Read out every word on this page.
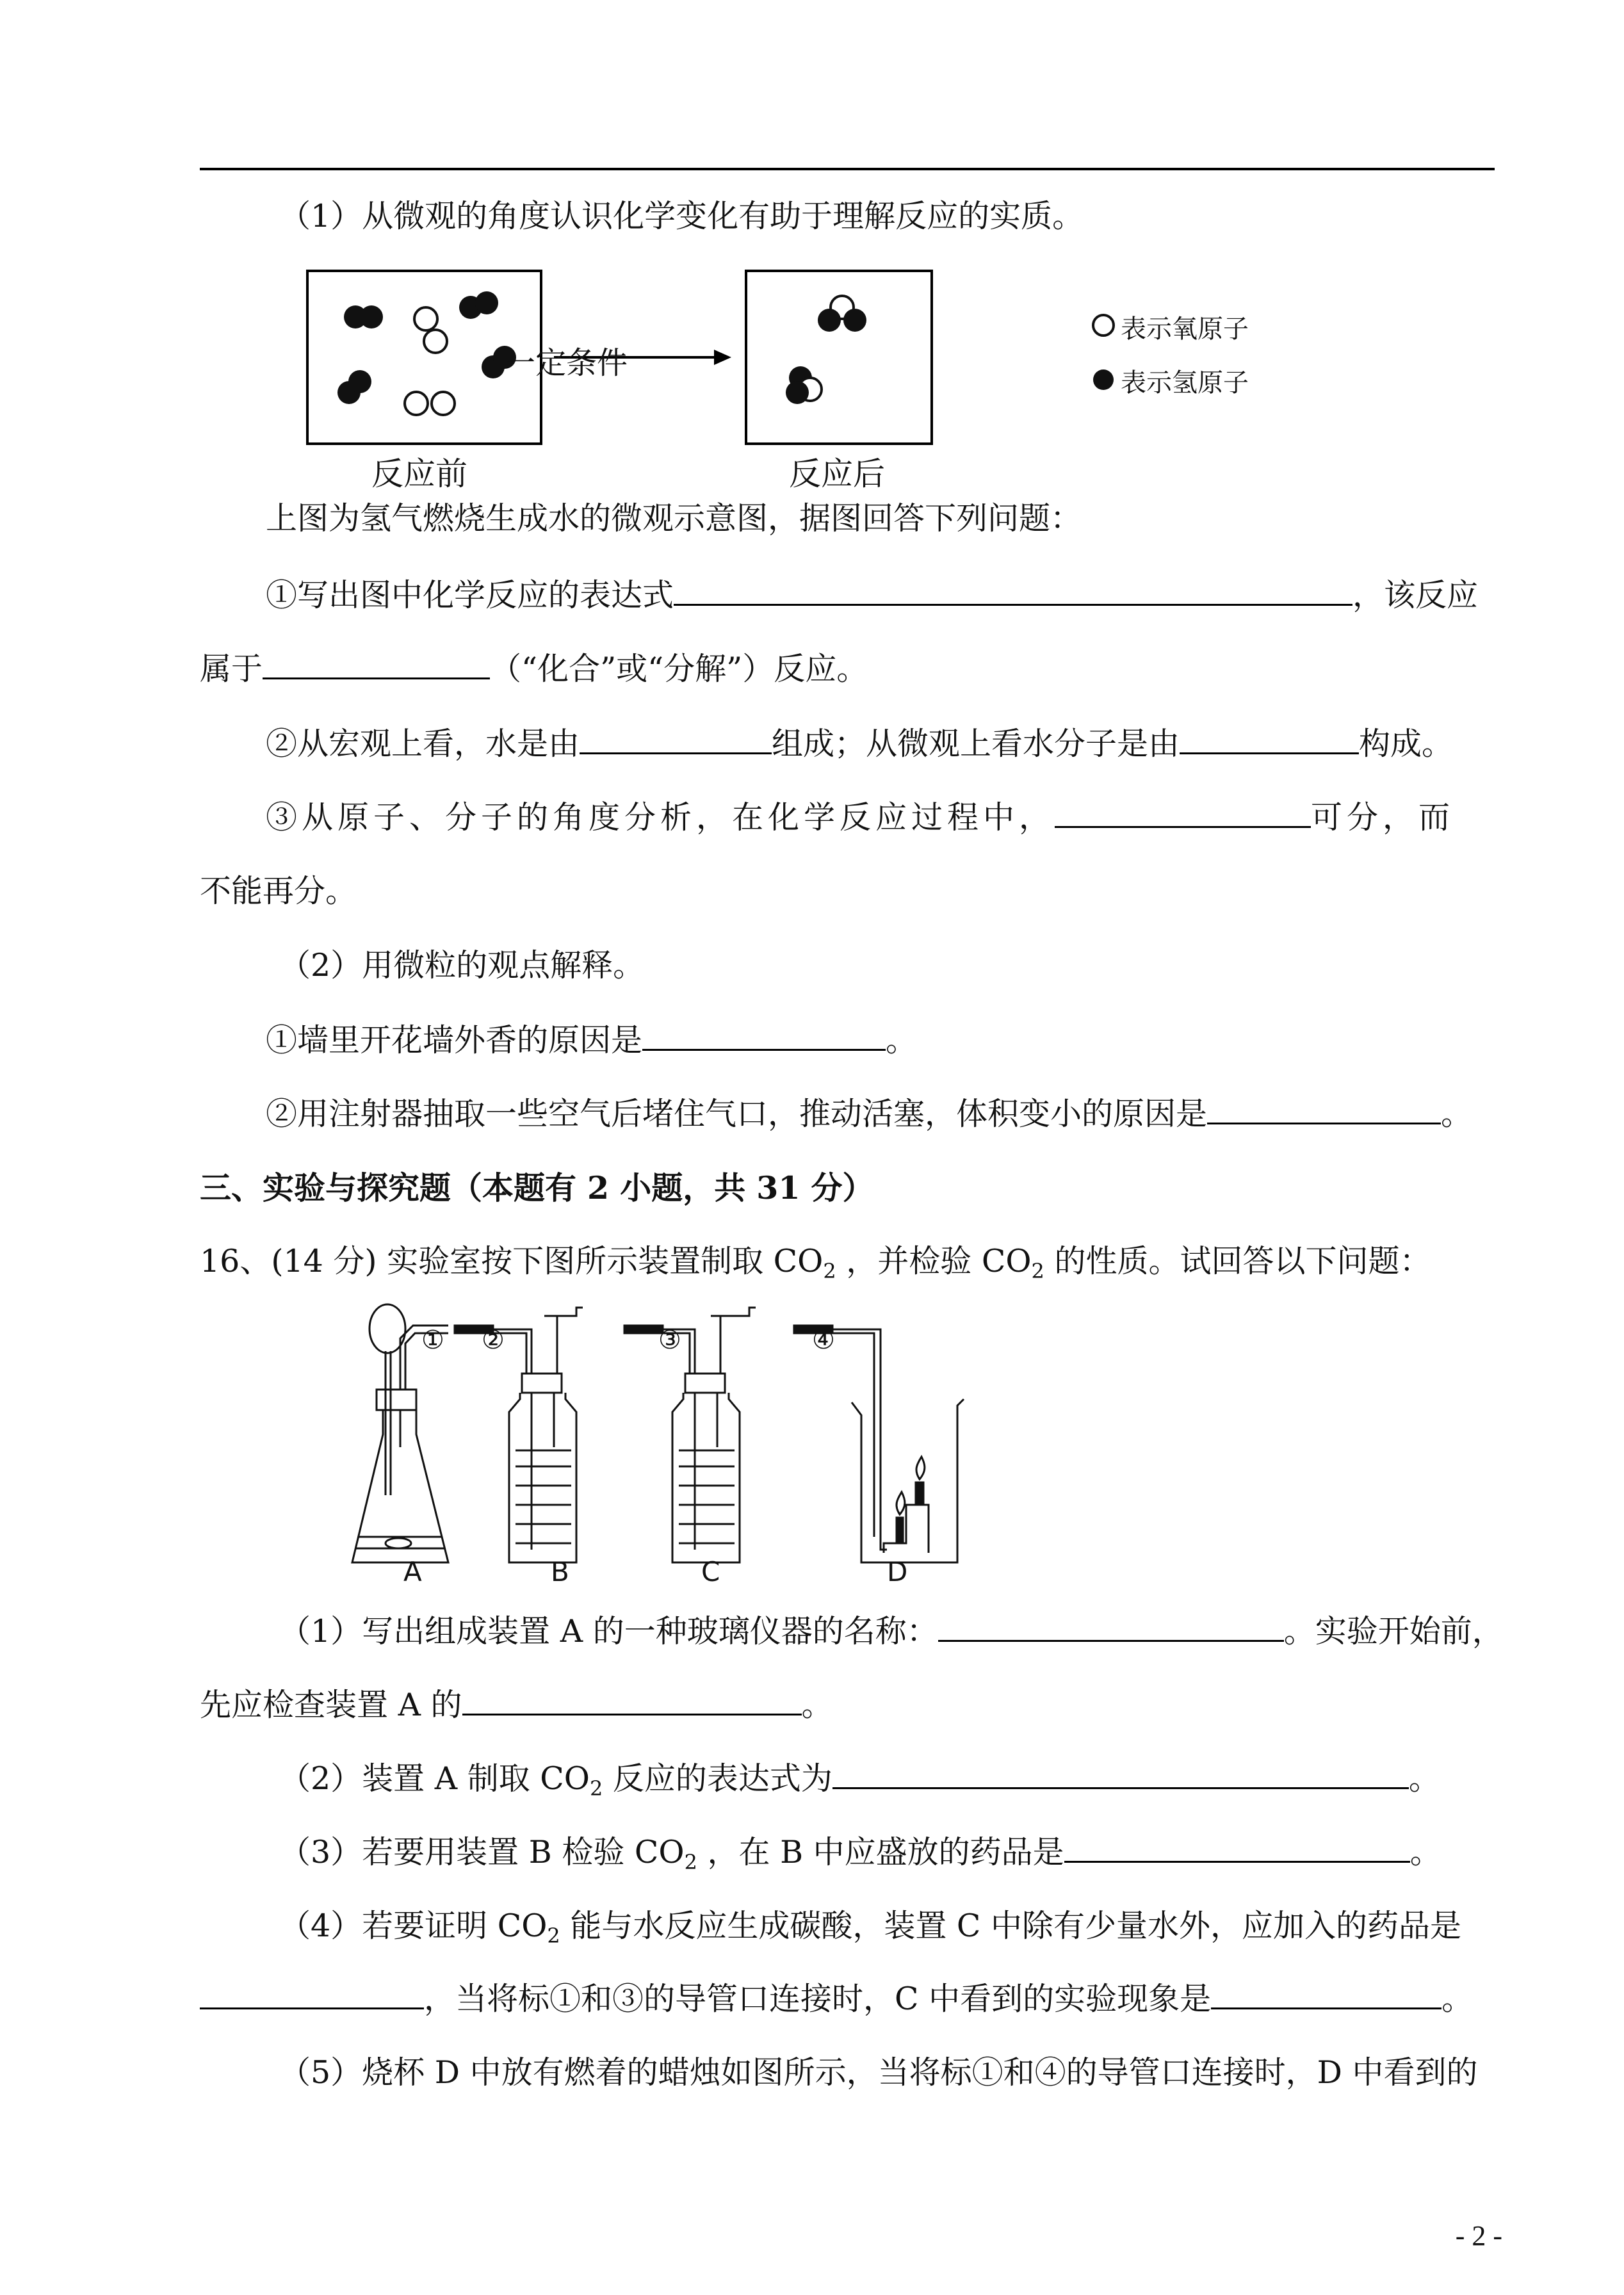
（1）从微观的角度认识化学变化有助于理解反应的实质。
一定条件
反应前	反应后
表示氧原子
表示氢原子
上图为氢气燃烧生成水的微观示意图，据图回答下列问题：
①写出图中化学反应的表达式	，该反应
属于	（“化合”或“分解”）反应。
②从宏观上看，水是由	组成；从微观上看水分子是由	构成。
③从原子、分子的角度分析，在化学反应过程中，	可分，而
不能再分。
（2）用微粒的观点解释。
①墙里开花墙外香的原因是	。
②用注射器抽取一些空气后堵住气口，推动活塞，体积变小的原因是	。
三、实验与探究题（本题有 2 小题，共 31 分）
16、(14 分) 实验室按下图所示装置制取 $CO_2$ ，并检验 $CO_2$ 的性质。试回答以下问题：
① ②	③	④
A	B	C	D
（1）写出组成装置 A 的一种玻璃仪器的名称：	。实验开始前，
先应检查装置 A 的	。
（2）装置 A 制取 $CO_2$ 反应的表达式为	。
（3）若要用装置 B 检验 $CO_2$ ，在 B 中应盛放的药品是	。
（4）若要证明 $CO_2$ 能与水反应生成碳酸，装置 C 中除有少量水外，应加入的药品是
，当将标①和③的导管口连接时，C 中看到的实验现象是	。
（5）烧杯 D 中放有燃着的蜡烛如图所示，当将标①和④的导管口连接时，D 中看到的
- 2 -
